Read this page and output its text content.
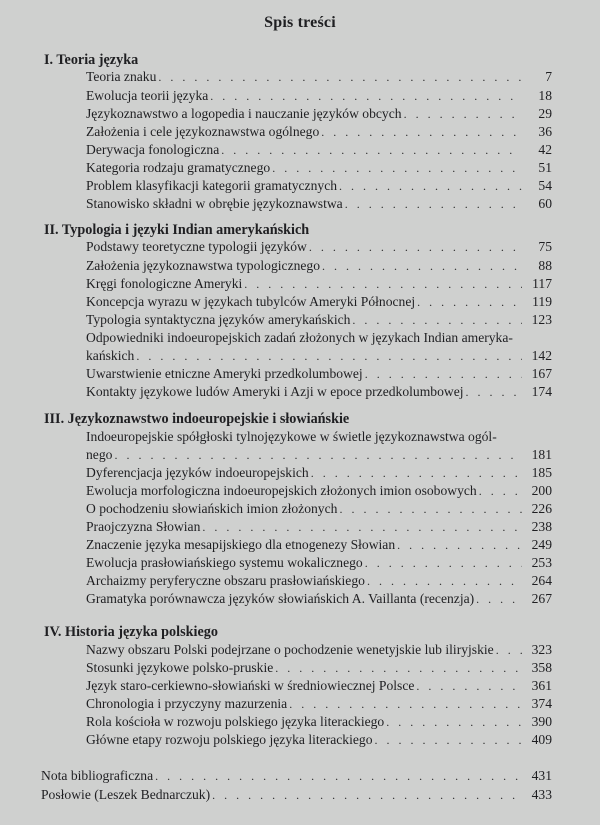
Spis treści
I. Teoria języka
Teoria znaku . . .	7
Ewolucja teorii języka . . .	18
Językoznawstwo a logopedia i nauczanie języków obcych . . .	29
Założenia i cele językoznawstwa ogólnego . . .	36
Derywacja fonologiczna . . .	42
Kategoria rodzaju gramatycznego . . .	51
Problem klasyfikacji kategorii gramatycznych . . .	54
Stanowisko składni w obrębie językoznawstwa . . .	60
II. Typologia i języki Indian amerykańskich
Podstawy teoretyczne typologii języków . . .	75
Założenia językoznawstwa typologicznego . . .	88
Kręgi fonologiczne Ameryki . . .	117
Koncepcja wyrazu w językach tubylców Ameryki Północnej . . .	119
Typologia syntaktyczna języków amerykańskich . . .	123
Odpowiedniki indoeuropejskich zadań złożonych w językach Indian ameryka-
kańskich . . .	142
Uwarstwienie etniczne Ameryki przedkolumbowej . . .	167
Kontakty językowe ludów Ameryki i Azji w epoce przedkolumbowej . . .	174
III. Językoznawstwo indoeuropejskie i słowiańskie
Indoeuropejskie spółgłoski tylnojęzykowe w świetle językoznawstwa ogól-
nego . . .	181
Dyferencjacja języków indoeuropejskich . . .	185
Ewolucja morfologiczna indoeuropejskich złożonych imion osobowych . . .	200
O pochodzeniu słowiańskich imion złożonych . . .	226
Praojczyzna Słowian . . .	238
Znaczenie języka mesapijskiego dla etnogenezy Słowian . . .	249
Ewolucja prasłowiańskiego systemu wokalicznego . . .	253
Archaizmy peryferyczne obszaru prasłowiańskiego . . .	264
Gramatyka porównawcza języków słowiańskich A. Vaillanta (recenzja) . . .	267
IV. Historia języka polskiego
Nazwy obszaru Polski podejrzane o pochodzenie wenetyjskie lub iliryjskie . . .	323
Stosunki językowe polsko-pruskie . . .	358
Język staro-cerkiewno-słowiański w średniowiecznej Polsce . . .	361
Chronologia i przyczyny mazurzenia . . .	374
Rola kościoła w rozwoju polskiego języka literackiego . . .	390
Główne etapy rozwoju polskiego języka literackiego . . .	409
Nota bibliograficzna . . .	431
Posłowie (Leszek Bednarczuk) . . .	433
